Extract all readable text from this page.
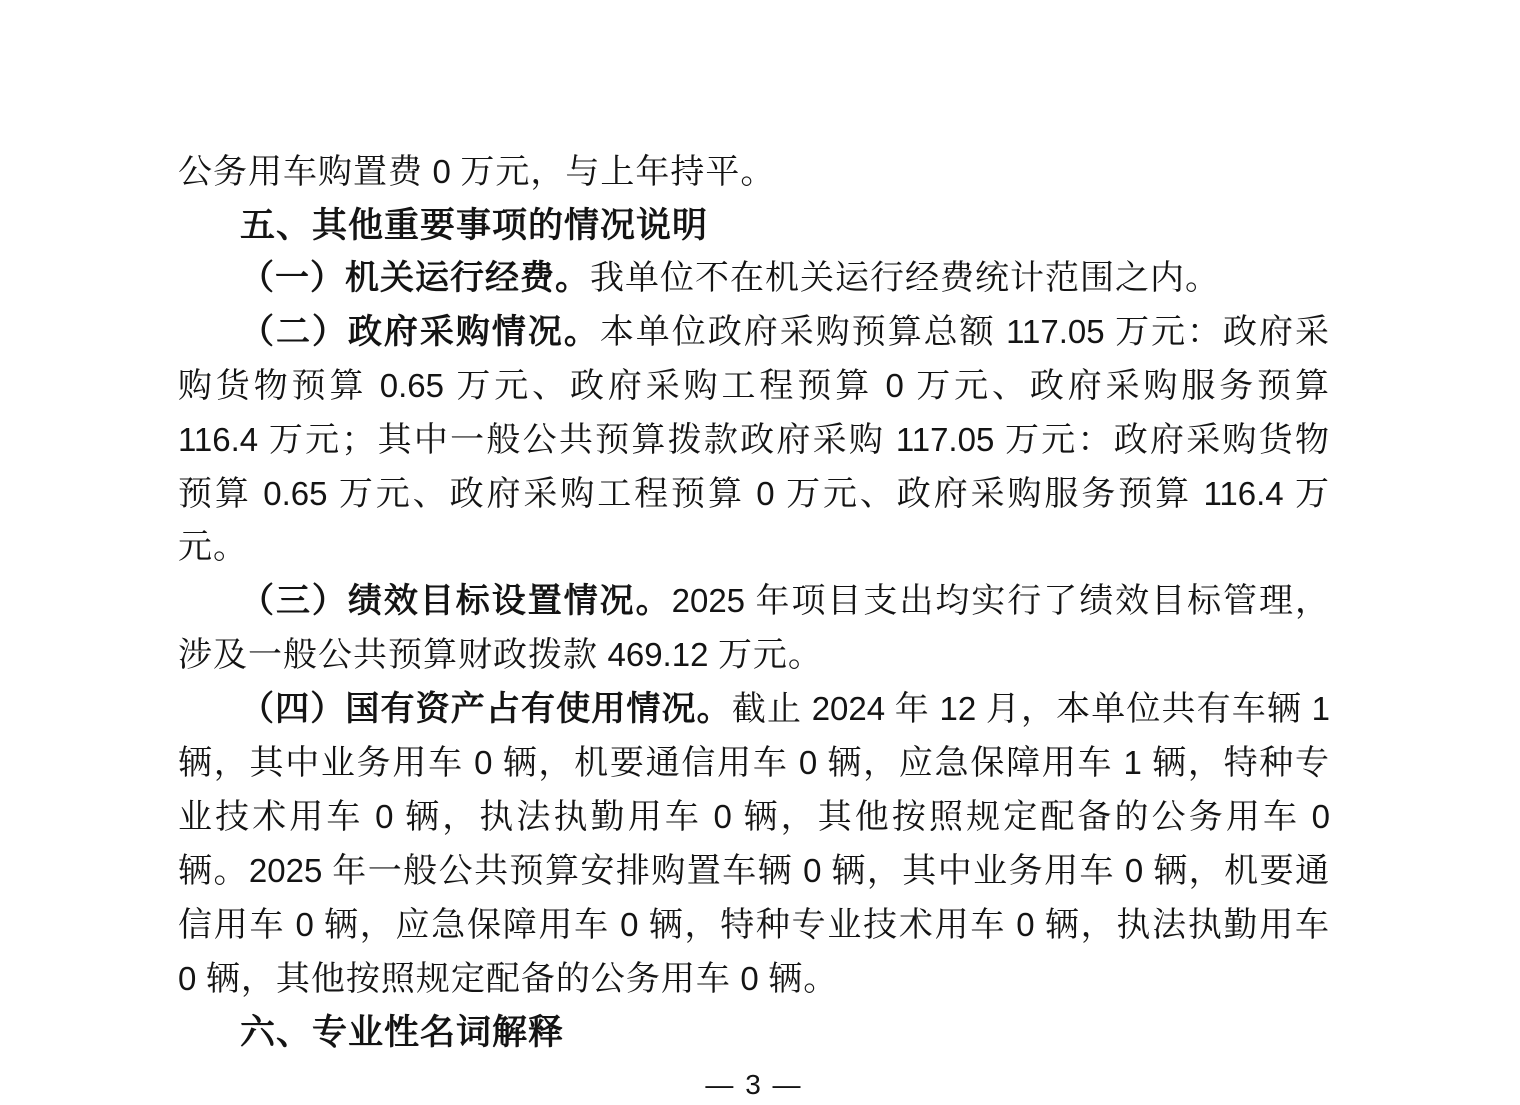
公务用车购置费 0 万元，与上年持平。

五、其他重要事项的情况说明

（一）机关运行经费。我单位不在机关运行经费统计范围之内。

（二）政府采购情况。本单位政府采购预算总额 117.05 万元：政府采购货物预算 0.65 万元、政府采购工程预算 0 万元、政府采购服务预算 116.4 万元；其中一般公共预算拨款政府采购 117.05 万元：政府采购货物预算 0.65 万元、政府采购工程预算 0 万元、政府采购服务预算 116.4 万元。

（三）绩效目标设置情况。2025 年项目支出均实行了绩效目标管理，涉及一般公共预算财政拨款 469.12 万元。

（四）国有资产占有使用情况。截止 2024 年 12 月，本单位共有车辆 1 辆，其中业务用车 0 辆，机要通信用车 0 辆，应急保障用车 1 辆，特种专业技术用车 0 辆，执法执勤用车 0 辆，其他按照规定配备的公务用车 0 辆。2025 年一般公共预算安排购置车辆 0 辆，其中业务用车 0 辆，机要通信用车 0 辆，应急保障用车 0 辆，特种专业技术用车 0 辆，执法执勤用车 0 辆，其他按照规定配备的公务用车 0 辆。

六、专业性名词解释
— 3 —
